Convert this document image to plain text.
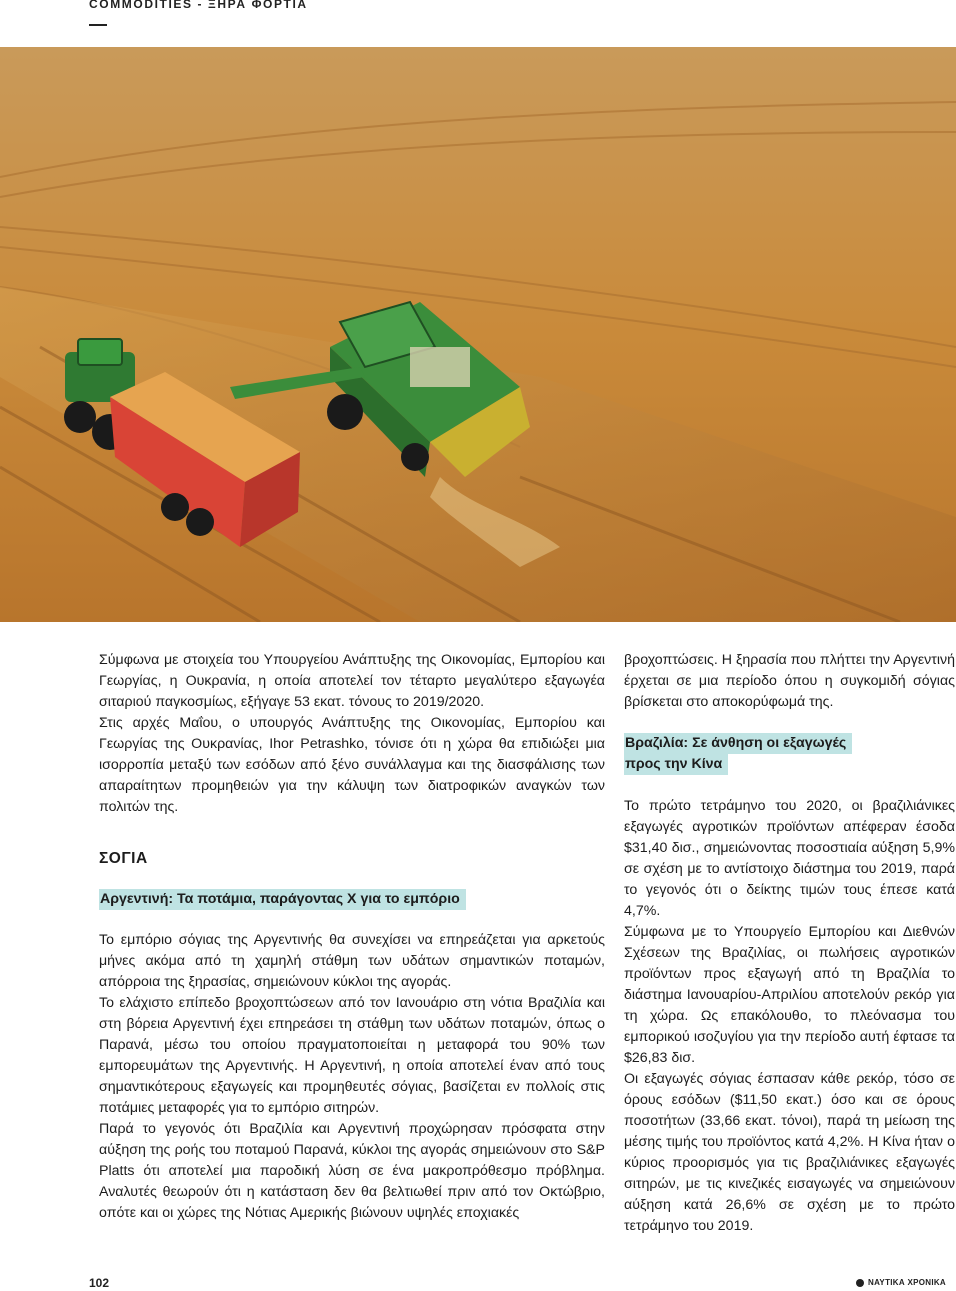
COMMODITIES - ΞΗΡΑ ΦΟΡΤΙΑ

Σύμφωνα με στοιχεία του Υπουργείου Ανάπτυξης της Οικονομίας, Εμπορίου και Γεωργίας, η Ουκρανία, η οποία αποτελεί τον τέταρτο μεγαλύτερο εξαγωγέα σιταριού παγκοσμίως, εξήγαγε 53 εκατ. τόνους το 2019/2020.

Στις αρχές Μαΐου, ο υπουργός Ανάπτυξης της Οικονομίας, Εμπορίου και Γεωργίας της Ουκρανίας, Ihor Petrashko, τόνισε ότι η χώρα θα επιδιώξει μια ισορροπία μεταξύ των εσόδων από ξένο συνάλλαγμα και της διασφάλισης των απαραίτητων προμηθειών για την κάλυψη των διατροφικών αναγκών των πολιτών της.

ΣΟΓΙΑ
Αργεντινή: Τα ποτάμια, παράγοντας Χ για το εμπόριο

Το εμπόριο σόγιας της Αργεντινής θα συνεχίσει να επηρεάζεται για αρκετούς μήνες ακόμα από τη χαμηλή στάθμη των υδάτων σημαντικών ποταμών, απόρροια της ξηρασίας, σημειώνουν κύκλοι της αγοράς.

Το ελάχιστο επίπεδο βροχοπτώσεων από τον Ιανουάριο στη νότια Βραζιλία και στη βόρεια Αργεντινή έχει επηρεάσει τη στάθμη των υδάτων ποταμών, όπως ο Παρανά, μέσω του οποίου πραγματοποιείται η μεταφορά του 90% των εμπορευμάτων της Αργεντινής. Η Αργεντινή, η οποία αποτελεί έναν από τους σημαντικότερους εξαγωγείς και προμηθευτές σόγιας, βασίζεται εν πολλοίς στις ποτάμιες μεταφορές για το εμπόριο σιτηρών.

Παρά το γεγονός ότι Βραζιλία και Αργεντινή προχώρησαν πρόσφατα στην αύξηση της ροής του ποταμού Παρανά, κύκλοι της αγοράς σημειώνουν στο S&P Platts ότι αποτελεί μια παροδική λύση σε ένα μακροπρόθεσμο πρόβλημα. Αναλυτές θεωρούν ότι η κατάσταση δεν θα βελτιωθεί πριν από τον Οκτώβριο, οπότε και οι χώρες της Νότιας Αμερικής βιώνουν υψηλές εποχιακές

βροχοπτώσεις. Η ξηρασία που πλήττει την Αργεντινή έρχεται σε μια περίοδο όπου η συγκομιδή σόγιας βρίσκεται στο αποκορύφωμά της.

Βραζιλία: Σε άνθηση οι εξαγωγές
προς την Κίνα

Το πρώτο τετράμηνο του 2020, οι βραζιλιάνικες εξαγωγές αγροτικών προϊόντων απέφεραν έσοδα $31,40 δισ., σημειώνοντας ποσοστιαία αύξηση 5,9% σε σχέση με το αντίστοιχο διάστημα του 2019, παρά το γεγονός ότι ο δείκτης τιμών τους έπεσε κατά 4,7%.

Σύμφωνα με το Υπουργείο Εμπορίου και Διεθνών Σχέσεων της Βραζιλίας, οι πωλήσεις αγροτικών προϊόντων προς εξαγωγή από τη Βραζιλία το διάστημα Ιανουαρίου-Απριλίου αποτελούν ρεκόρ για τη χώρα. Ως επακόλουθο, το πλεόνασμα του εμπορικού ισοζυγίου για την περίοδο αυτή έφτασε τα $26,83 δισ.

Οι εξαγωγές σόγιας έσπασαν κάθε ρεκόρ, τόσο σε όρους εσόδων ($11,50 εκατ.) όσο και σε όρους ποσοτήτων (33,66 εκατ. τόνοι), παρά τη μείωση της μέσης τιμής του προϊόντος κατά 4,2%. Η Κίνα ήταν ο κύριος προορισμός για τις βραζιλιάνικες εξαγωγές σιτηρών, με τις κινεζικές εισαγωγές να σημειώνουν αύξηση κατά 26,6% σε σχέση με το πρώτο τετράμηνο του 2019.

102	ΝΑΥΤΙΚΑ ΧΡΟΝΙΚΑ
